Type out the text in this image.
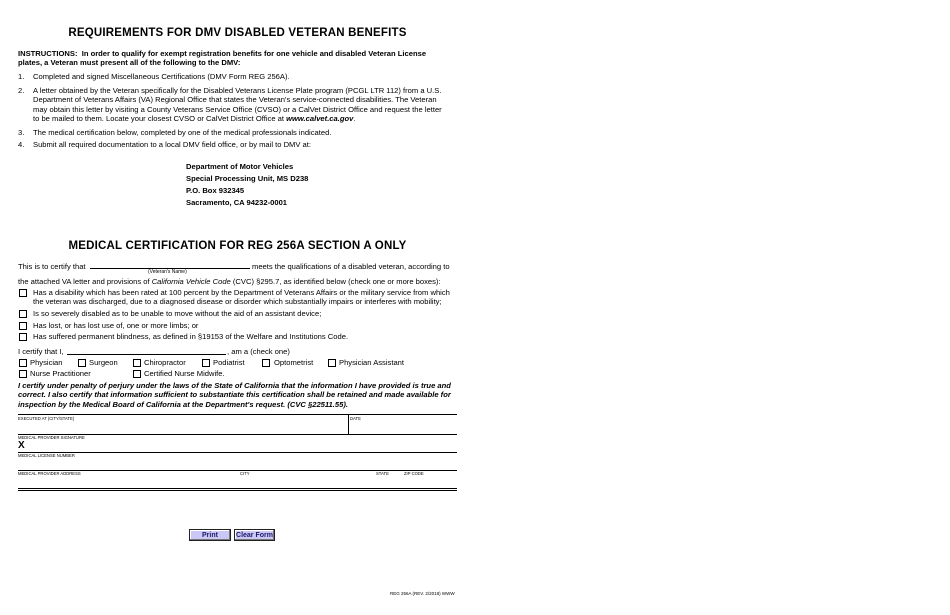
REQUIREMENTS FOR DMV DISABLED VETERAN BENEFITS
INSTRUCTIONS: In order to qualify for exempt registration benefits for one vehicle and disabled Veteran License
plates, a Veteran must present all of the following to the DMV:
1. Completed and signed Miscellaneous Certifications (DMV Form REG 256A).
2. A letter obtained by the Veteran specifically for the Disabled Veterans License Plate program (PCGL LTR 112) from a U.S.
Department of Veterans Affairs (VA) Regional Office that states the Veteran's service-connected disabilities. The Veteran
may obtain this letter by visiting a County Veterans Service Office (CVSO) or a CalVet District Office and request the letter
to be mailed to them. Locate your closest CVSO or CalVet District Office at www.calvet.ca.gov.
3. The medical certification below, completed by one of the medical professionals indicated.
4. Submit all required documentation to a local DMV field office, or by mail to DMV at:
Department of Motor Vehicles
Special Processing Unit, MS D238
P.O. Box 932345
Sacramento, CA 94232-0001
MEDICAL CERTIFICATION FOR REG 256A SECTION A ONLY
This is to certify that
(Veteran's Name)
meets the qualifications of a disabled veteran, according to
the attached VA letter and provisions of California Vehicle Code (CVC) §295.7, as identified below (check one or more boxes):
Has a disability which has been rated at 100 percent by the Department of Veterans Affairs or the military service from which
the veteran was discharged, due to a diagnosed disease or disorder which substantially impairs or interferes with mobility;
Is so severely disabled as to be unable to move without the aid of an assistant device;
Has lost, or has lost use of, one or more limbs; or
Has suffered permanent blindness, as defined in §19153 of the Welfare and Institutions Code.
I certify that I,	, am a (check one)
Physician	Surgeon	Chiropractor	Podiatrist	Optometrist	Physician Assistant
Nurse Practitioner	Certified Nurse Midwife.
I certify under penalty of perjury under the laws of the State of California that the information I have provided is true and
correct. I also certify that information sufficient to substantiate this certification shall be retained and made available for
inspection by the Medical Board of California at the Department's request. (CVC §22511.55).
EXECUTED AT (CITY/STATE)	DATE
MEDICAL PROVIDER SIGNATURE
X
MEDICAL LICENSE NUMBER
MEDICAL PROVIDER ADDRESS	CITY	STATE	ZIP CODE
Print	Clear Form
REG 256A (REV. 2/2018) WWW
